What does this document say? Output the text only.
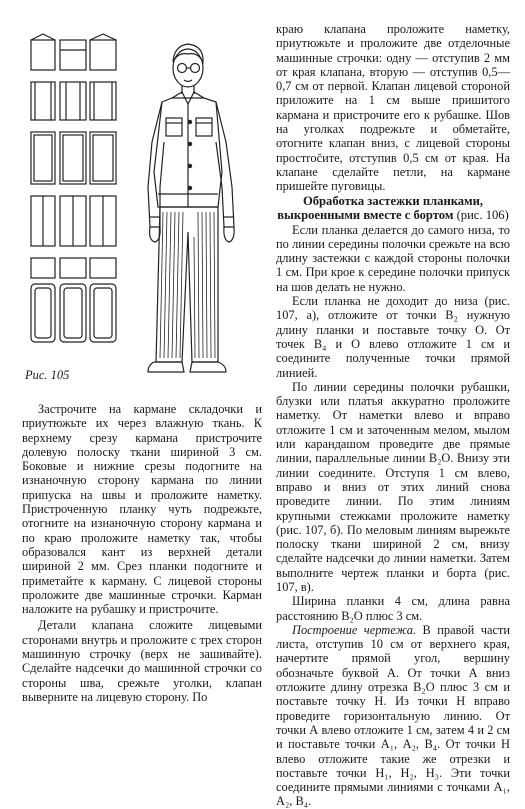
Рис. 105

Застрочите на кармане складочки и приутюжьте их через влажную ткань. К верхнему срезу кармана пристрочите долевую полоску ткани шириной 3 см. Боковые и нижние срезы подогните на изнаночную сторону кармана по линии припуска на швы и проложите наметку. Пристроченную планку чуть подрежьте, отогните на изнаночную сторону кармана и по краю проложите наметку так, чтобы образовался кант из верхней детали шириной 2 мм. Срез планки подогните и приметайте к карману. С лицевой стороны проложите две машинные строчки. Карман наложите на рубашку и пристрочите.

Детали клапана сложите лицевыми сторонами внутрь и проложите с трех сторон машинную строчку (верх не зашивайте). Сделайте надсечки до машинной строчки со стороны шва, срежьте уголки, клапан выверните на лицевую сторону. По

краю клапана проложите наметку, приутюжьте и проложите две отделочные машинные строчки: одну — отступив 2 мм от края клапана, вторую — отступив 0,5—0,7 см от первой. Клапан лицевой стороной приложите на 1 см выше пришитого кармана и пристрочите его к рубашке. Шов на уголках подрежьте и обметайте, отогните клапан вниз, с лицевой стороны простročите, отступив 0,5 см от края. На клапане сделайте петли, на кармане пришейте пуговицы.

Обработка застежки планками, выкроенными вместе с бортом (рис. 106)

Если планка делается до самого низа, то по линии середины полочки срежьте на всю длину застежки с каждой стороны полочки 1 см. При крое к середине полочки припуск на шов делать не нужно.

Если планка не доходит до низа (рис. 107, а), отложите от точки В₂ нужную длину планки и поставьте точку О. От точек В₄ и О влево отложите 1 см и соедините полученные точки прямой линией.

По линии середины полочки рубашки, блузки или платья аккуратно проложите наметку. От наметки влево и вправо отложите 1 см и заточенным мелом, мылом или карандашом проведите две прямые линии, параллельные линии В₂О. Внизу эти линии соедините. Отступя 1 см влево, вправо и вниз от этих линий снова проведите линии. По этим линиям крупными стежками проложите наметку (рис. 107, б). По меловым линиям вырежьте полоску ткани шириной 2 см, внизу сделайте надсечки до линии наметки. Затем выполните чертеж планки и борта (рис. 107, в).

Ширина планки 4 см, длина равна расстоянию В₂О плюс 3 см.

Построение чертежа. В правой части листа, отступив 10 см от верхнего края, начертите прямой угол, вершину обозначьте буквой А. От точки А вниз отложите длину отрезка В₂О плюс 3 см и поставьте точку Н. Из точки Н вправо проведите горизонтальную линию. От точки А влево отложите 1 см, затем 4 и 2 см и поставьте точки А₁, А₂, В₄. От точки Н влево отложите такие же отрезки и поставьте точки Н₁, Н₂, Н₃. Эти точки соедините прямыми линиями с точками А₁, А₂, В₄.
